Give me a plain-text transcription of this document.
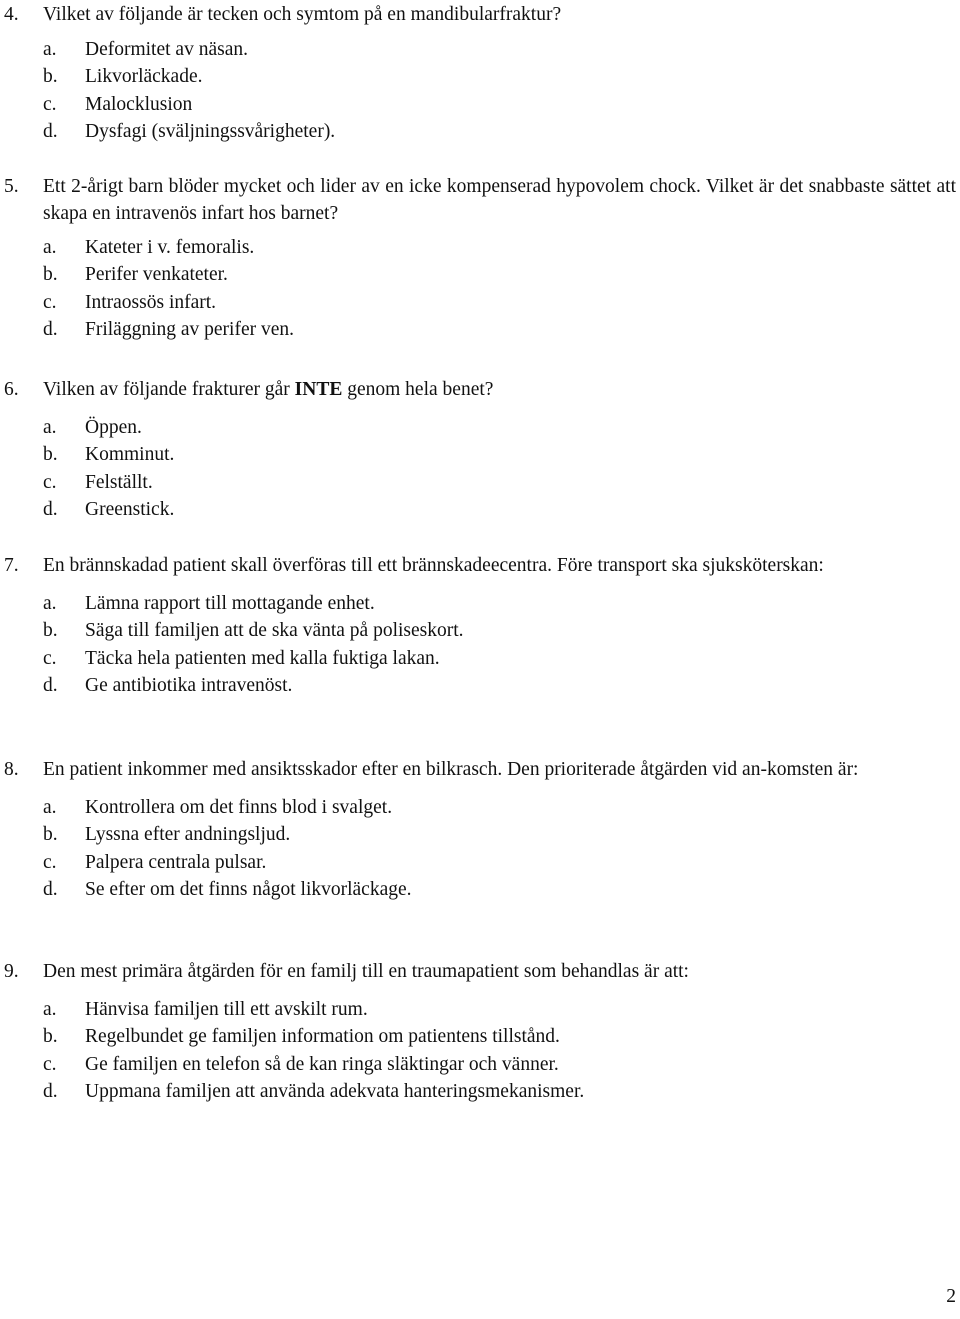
4.	Vilket av följande är tecken och symtom på en mandibularfraktur?
a.	Deformitet av näsan.
b.	Likvorläckade.
c.	Malocklusion
d.	Dysfagi (sväljningssvårigheter).
5.	Ett 2-årigt barn blöder mycket och lider av en icke kompenserad hypovolem chock. Vilket är det snabbaste sättet att skapa en intravenös infart hos barnet?
a.	Kateter i v. femoralis.
b.	Perifer venkateter.
c.	Intraossös infart.
d.	Friläggning av perifer ven.
6.	Vilken av följande frakturer går INTE genom hela benet?
a.	Öppen.
b.	Komminut.
c.	Felställt.
d.	Greenstick.
7.	En brännskadad patient skall överföras till ett brännskadeecentra. Före transport ska sjuksköterskan:
a.	Lämna rapport till mottagande enhet.
b.	Säga till familjen att de ska vänta på poliseskort.
c.	Täcka hela patienten med kalla fuktiga lakan.
d.	Ge antibiotika intravenöst.
8.	En patient inkommer med ansiktsskador efter en bilkrasch. Den prioriterade åtgärden vid an-komsten är:
a.	Kontrollera om det finns blod i svalget.
b.	Lyssna efter andningsljud.
c.	Palpera centrala pulsar.
d.	Se efter om det finns något likvorläckage.
9.	Den mest primära åtgärden för en familj till en traumapatient som behandlas är att:
a.	Hänvisa familjen till ett avskilt rum.
b.	Regelbundet ge familjen information om patientens tillstånd.
c.	Ge familjen en telefon så de kan ringa släktingar och vänner.
d.	Uppmana familjen att använda adekvata hanteringsmekanismer.
2
